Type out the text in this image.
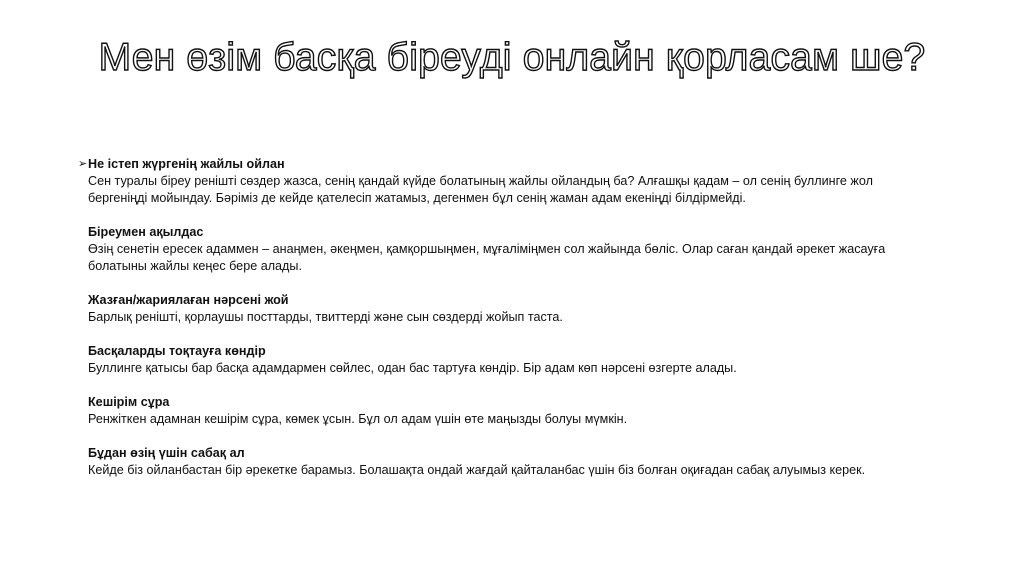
Мен өзім басқа біреуді онлайн қорласам ше?
➢ Не істеп жүргенің жайлы ойлан
Сен туралы біреу ренішті сөздер жазса, сенің қандай күйде болатының жайлы ойландың ба? Алғашқы қадам – ол сенің буллинге жол бергеніңді мойындау. Бәріміз де кейде қателесіп жатамыз, дегенмен бұл сенің жаман адам екеніңді білдірмейді.
Біреумен ақылдас
Өзің сенетін ересек адаммен – анаңмен, әкеңмен, қамқоршыңмен, мұғаліміңмен сол жайында бөліс. Олар саған қандай әрекет жасауға болатыны жайлы кеңес бере алады.
Жазған/жариялаған нәрсені жой
Барлық ренішті, қорлаушы посттарды, твиттерді және сын сөздерді жойып таста.
Басқаларды тоқтауға көндір
Буллинге қатысы бар басқа адамдармен сөйлес, одан бас тартуға көндір. Бір адам көп нәрсені өзгерте алады.
Кешірім сұра
Ренжіткен адамнан кешірім сұра, көмек ұсын. Бұл ол адам үшін өте маңызды болуы мүмкін.
Бұдан өзің үшін сабақ ал
Кейде біз ойланбастан бір әрекетке барамыз. Болашақта ондай жағдай қайталанбас үшін біз болған оқиғадан сабақ алуымыз керек.
